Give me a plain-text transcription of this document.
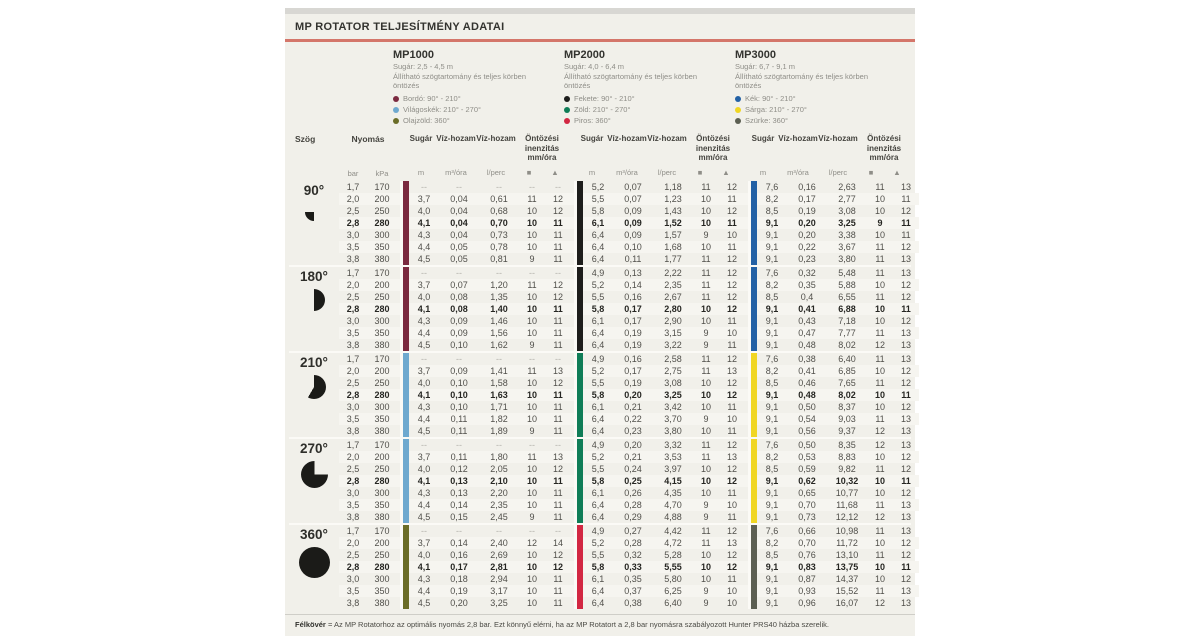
MP ROTATOR TELJESÍTMÉNY ADATAI
MP1000
Sugár: 2,5 - 4,5 m
Állítható szögtartomány és teljes körben öntözés
Bordó: 90° - 210°
Világoskék: 210° - 270°
Olajzöld: 360°
MP2000
Sugár: 4,0 - 6,4 m
Állítható szögtartomány és teljes körben öntözés
Fekete: 90° - 210°
Zöld: 210° - 270°
Piros: 360°
MP3000
Sugár: 6,7 - 9,1 m
Állítható szögtartomány és teljes körben öntözés
Kék: 90° - 210°
Sárga: 210° - 270°
Szürke: 360°
Szög	Nyomás
bar	kPa
Sugár
m
Víz-hozam
m³/óra
Víz-hozam
l/perc
Öntözési inenzitás mm/óra
■	▲
Sugár
m
Víz-hozam
m³/óra
Víz-hozam
l/perc
Öntözési inenzitás mm/óra
■	▲
Sugár
m
Víz-hozam
m³/óra
Víz-hozam
l/perc
Öntözési inenzitás mm/óra
■	▲
90°	1,7	170	--	--	--	--	--	5,2	0,07	1,18	11	12	7,6	0,16	2,63	11	13
2,0	200	3,7	0,04	0,61	11	12	5,5	0,07	1,23	10	11	8,2	0,17	2,77	10	11
2,5	250	4,0	0,04	0,68	10	12	5,8	0,09	1,43	10	12	8,5	0,19	3,08	10	12
2,8	280	4,1	0,04	0,70	10	11	6,1	0,09	1,52	10	11	9,1	0,20	3,25	9	11
3,0	300	4,3	0,04	0,73	10	11	6,4	0,09	1,57	9	10	9,1	0,20	3,38	10	11
3,5	350	4,4	0,05	0,78	10	11	6,4	0,10	1,68	10	11	9,1	0,22	3,67	11	12
3,8	380	4,5	0,05	0,81	9	11	6,4	0,11	1,77	11	12	9,1	0,23	3,80	11	13
180°	1,7	170	--	--	--	--	--	4,9	0,13	2,22	11	12	7,6	0,32	5,48	11	13
2,0	200	3,7	0,07	1,20	11	12	5,2	0,14	2,35	11	12	8,2	0,35	5,88	10	12
2,5	250	4,0	0,08	1,35	10	12	5,5	0,16	2,67	11	12	8,5	0,4	6,55	11	12
2,8	280	4,1	0,08	1,40	10	11	5,8	0,17	2,80	10	12	9,1	0,41	6,88	10	11
3,0	300	4,3	0,09	1,46	10	11	6,1	0,17	2,90	10	11	9,1	0,43	7,18	10	12
3,5	350	4,4	0,09	1,56	10	11	6,4	0,19	3,15	9	10	9,1	0,47	7,77	11	13
3,8	380	4,5	0,10	1,62	9	11	6,4	0,19	3,22	9	11	9,1	0,48	8,02	12	13
210°	1,7	170	--	--	--	--	--	4,9	0,16	2,58	11	12	7,6	0,38	6,40	11	13
2,0	200	3,7	0,09	1,41	11	13	5,2	0,17	2,75	11	13	8,2	0,41	6,85	10	12
2,5	250	4,0	0,10	1,58	10	12	5,5	0,19	3,08	10	12	8,5	0,46	7,65	11	12
2,8	280	4,1	0,10	1,63	10	11	5,8	0,20	3,25	10	12	9,1	0,48	8,02	10	11
3,0	300	4,3	0,10	1,71	10	11	6,1	0,21	3,42	10	11	9,1	0,50	8,37	10	12
3,5	350	4,4	0,11	1,82	10	11	6,4	0,22	3,70	9	10	9,1	0,54	9,03	11	13
3,8	380	4,5	0,11	1,89	9	11	6,4	0,23	3,80	10	11	9,1	0,56	9,37	12	13
270°	1,7	170	--	--	--	--	--	4,9	0,20	3,32	11	12	7,6	0,50	8,35	12	13
2,0	200	3,7	0,11	1,80	11	13	5,2	0,21	3,53	11	13	8,2	0,53	8,83	10	12
2,5	250	4,0	0,12	2,05	10	12	5,5	0,24	3,97	10	12	8,5	0,59	9,82	11	12
2,8	280	4,1	0,13	2,10	10	11	5,8	0,25	4,15	10	12	9,1	0,62	10,32	10	11
3,0	300	4,3	0,13	2,20	10	11	6,1	0,26	4,35	10	11	9,1	0,65	10,77	10	12
3,5	350	4,4	0,14	2,35	10	11	6,4	0,28	4,70	9	10	9,1	0,70	11,68	11	13
3,8	380	4,5	0,15	2,45	9	11	6,4	0,29	4,88	9	11	9,1	0,73	12,12	12	13
360°	1,7	170	--	--	--	--	--	4,9	0,27	4,42	11	12	7,6	0,66	10,98	11	13
2,0	200	3,7	0,14	2,40	12	14	5,2	0,28	4,72	11	13	8,2	0,70	11,72	10	12
2,5	250	4,0	0,16	2,69	10	12	5,5	0,32	5,28	10	12	8,5	0,76	13,10	11	12
2,8	280	4,1	0,17	2,81	10	12	5,8	0,33	5,55	10	12	9,1	0,83	13,75	10	11
3,0	300	4,3	0,18	2,94	10	11	6,1	0,35	5,80	10	11	9,1	0,87	14,37	10	12
3,5	350	4,4	0,19	3,17	10	11	6,4	0,37	6,25	9	10	9,1	0,93	15,52	11	13
3,8	380	4,5	0,20	3,25	10	11	6,4	0,38	6,40	9	10	9,1	0,96	16,07	12	13
Félkövér = Az MP Rotatorhoz az optimális nyomás 2,8 bar. Ezt könnyű elérni, ha az MP Rotatort a 2,8 bar nyomásra szabályozott Hunter PRS40 házba szerelik.
